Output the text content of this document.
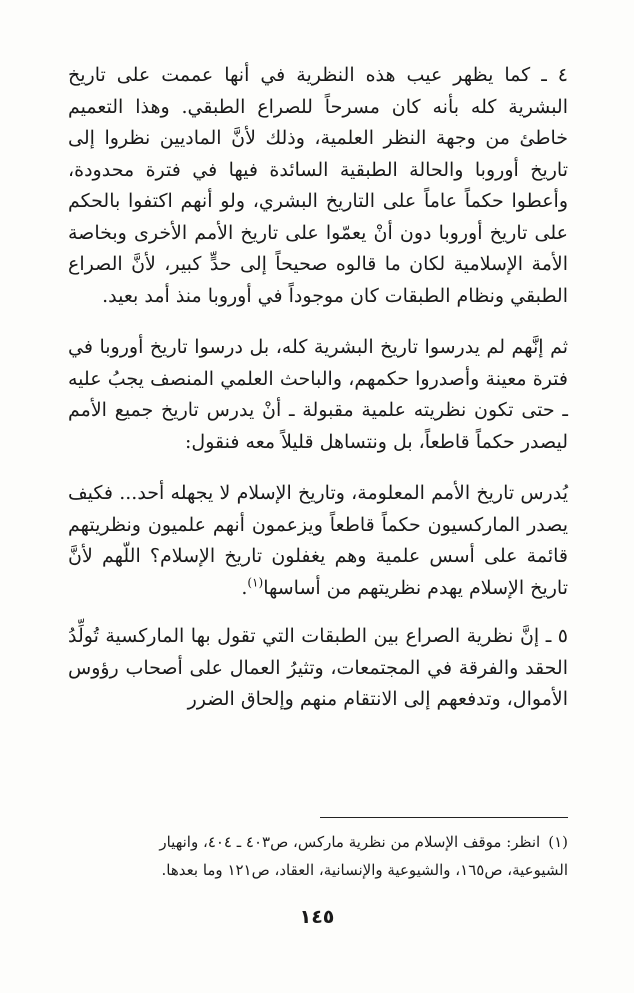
٤ ـ كما يظهر عيب هذه النظرية في أنها عممت على تاريخ البشرية كله بأنه كان مسرحاً للصراع الطبقي. وهذا التعميم خاطئ من وجهة النظر العلمية، وذلك لأنَّ الماديين نظروا إلى تاريخ أوروبا والحالة الطبقية السائدة فيها في فترة محدودة، وأعطوا حكماً عاماً على التاريخ البشري، ولو أنهم اكتفوا بالحكم على تاريخ أوروبا دون أنْ يعمّوا على تاريخ الأمم الأخرى وبخاصة الأمة الإسلامية لكان ما قالوه صحيحاً إلى حدٍّ كبير، لأنَّ الصراع الطبقي ونظام الطبقات كان موجوداً في أوروبا منذ أمد بعيد.

ثم إنَّهم لم يدرسوا تاريخ البشرية كله، بل درسوا تاريخ أوروبا في فترة معينة وأصدروا حكمهم، والباحث العلمي المنصف يجبُ عليه ـ حتى تكون نظريته علمية مقبولة ـ أنْ يدرس تاريخ جميع الأمم ليصدر حكماً قاطعاً، بل ونتساهل قليلاً معه فنقول:

يُدرس تاريخ الأمم المعلومة، وتاريخ الإسلام لا يجهله أحد... فكيف يصدر الماركسيون حكماً قاطعاً ويزعمون أنهم علميون ونظريتهم قائمة على أسس علمية وهم يغفلون تاريخ الإسلام؟ اللّهم لأنَّ تاريخ الإسلام يهدم نظريتهم من أساسها$^{(١)}$.

٥ ـ إنَّ نظرية الصراع بين الطبقات التي تقول بها الماركسية تُولِّدُ الحقد والفرقة في المجتمعات، وتثيرُ العمال على أصحاب رؤوس الأموال، وتدفعهم إلى الانتقام منهم وإلحاق الضرر

(١)انظر: موقف الإسلام من نظرية ماركس، ص٤٠٣ ـ ٤٠٤، وانهيار

الشيوعية، ص١٦٥، والشيوعية والإنسانية، العقاد، ص١٢١ وما بعدها.

١٤٥
